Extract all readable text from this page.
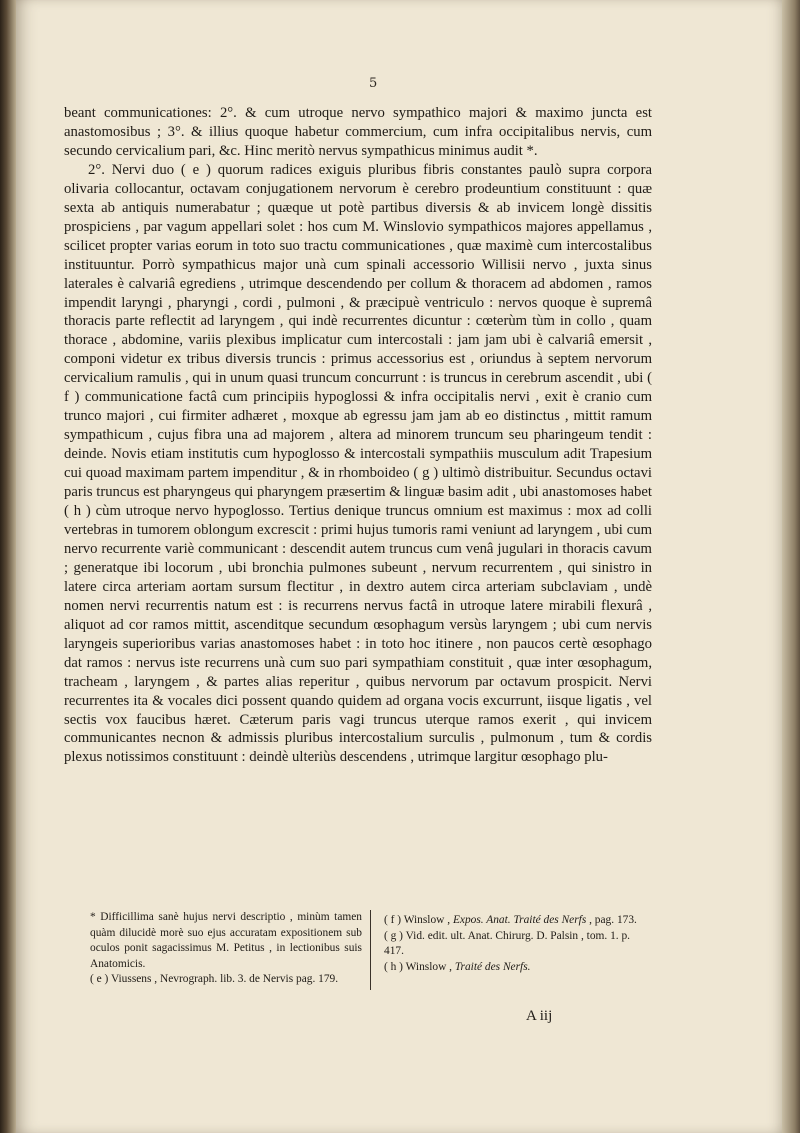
5

beant communicationes: 2°. & cum utroque nervo sympathico majori & maximo juncta est anastomosibus ; 3°. & illius quoque habetur commercium, cum infra occipitalibus nervis, cum secundo cervicalium pari, &c. Hinc meritò nervus sympathicus minimus audit *.

2°. Nervi duo ( e ) quorum radices exiguis pluribus fibris constantes paulò supra corpora olivaria collocantur, octavam conjugationem nervorum è cerebro prodeuntium constituunt : quæ sexta ab antiquis numerabatur ; quæque ut potè partibus diversis & ab invicem longè dissitis prospiciens , par vagum appellari solet : hos cum M. Winslovio sympathicos majores appellamus , scilicet propter varias eorum in toto suo tractu communicationes , quæ maximè cum intercostalibus instituuntur. Porrò sympathicus major unà cum spinali accessorio Willisii nervo , juxta sinus laterales è calvariâ egrediens , utrimque descendendo per collum & thoracem ad abdomen , ramos impendit laryngi , pharyngi , cordi , pulmoni , & præcipuè ventriculo : nervos quoque è supremâ thoracis parte reflectit ad laryngem , qui indè recurrentes dicuntur : cœterùm tùm in collo , quam thorace , abdomine, variis plexibus implicatur cum intercostali : jam jam ubi è calvariâ emersit , componi videtur ex tribus diversis truncis : primus accessorius est , oriundus à septem nervorum cervicalium ramulis , qui in unum quasi truncum concurrunt : is truncus in cerebrum ascendit , ubi ( f ) communicatione factâ cum principiis hypoglossi & infra occipitalis nervi , exit è cranio cum trunco majori , cui firmiter adhæret , moxque ab egressu jam jam ab eo distinctus , mittit ramum sympathicum , cujus fibra una ad majorem , altera ad minorem truncum seu pharingeum tendit : deinde. Novis etiam institutis cum hypoglosso & intercostali sympathiis musculum adit Trapesium cui quoad maximam partem impenditur , & in rhomboideo ( g ) ultimò distribuitur. Secundus octavi paris truncus est pharyngeus qui pharyngem præsertim & linguæ basim adit , ubi anastomoses habet ( h ) cùm utroque nervo hypoglosso. Tertius denique truncus omnium est maximus : mox ad colli vertebras in tumorem oblongum excrescit : primi hujus tumoris rami veniunt ad laryngem , ubi cum nervo recurrente variè communicant : descendit autem truncus cum venâ jugulari in thoracis cavum ; generatque ibi locorum , ubi bronchia pulmones subeunt , nervum recurrentem , qui sinistro in latere circa arteriam aortam sursum flectitur , in dextro autem circa arteriam subclaviam , undè nomen nervi recurrentis natum est : is recurrens nervus factâ in utroque latere mirabili flexurâ , aliquot ad cor ramos mittit, ascenditque secundum œsophagum versùs laryngem ; ubi cum nervis laryngeis superioribus varias anastomoses habet : in toto hoc itinere , non paucos certè œsophago dat ramos : nervus iste recurrens unà cum suo pari sympathiam constituit , quæ inter œsophagum, tracheam , laryngem , & partes alias reperitur , quibus nervorum par octavum prospicit. Nervi recurrentes ita & vocales dici possent quando quidem ad organa vocis excurrunt, iisque ligatis , vel sectis vox faucibus hæret. Cæterum paris vagi truncus uterque ramos exerit , qui invicem communicantes necnon & admissis pluribus intercostalium surculis , pulmonum , tum & cordis plexus notissimos constituunt : deindè ulteriùs descendens , utrimque largitur œsophago plu-

* Difficillima sanè hujus nervi descriptio , minùm tamen quàm dilucidè morè suo ejus accuratam expositionem sub oculos ponit sagacissimus M. Petitus , in lectionibus suis Anatomicis.

( e ) Viussens , Nevrograph. lib. 3. de Nervis pag. 179.

( f ) Winslow , Expos. Anat. Traité des Nerfs , pag. 173.

( g ) Vid. edit. ult. Anat. Chirurg. D. Palsin , tom. 1. p. 417.

( h ) Winslow , Traité des Nerfs.

A iij
